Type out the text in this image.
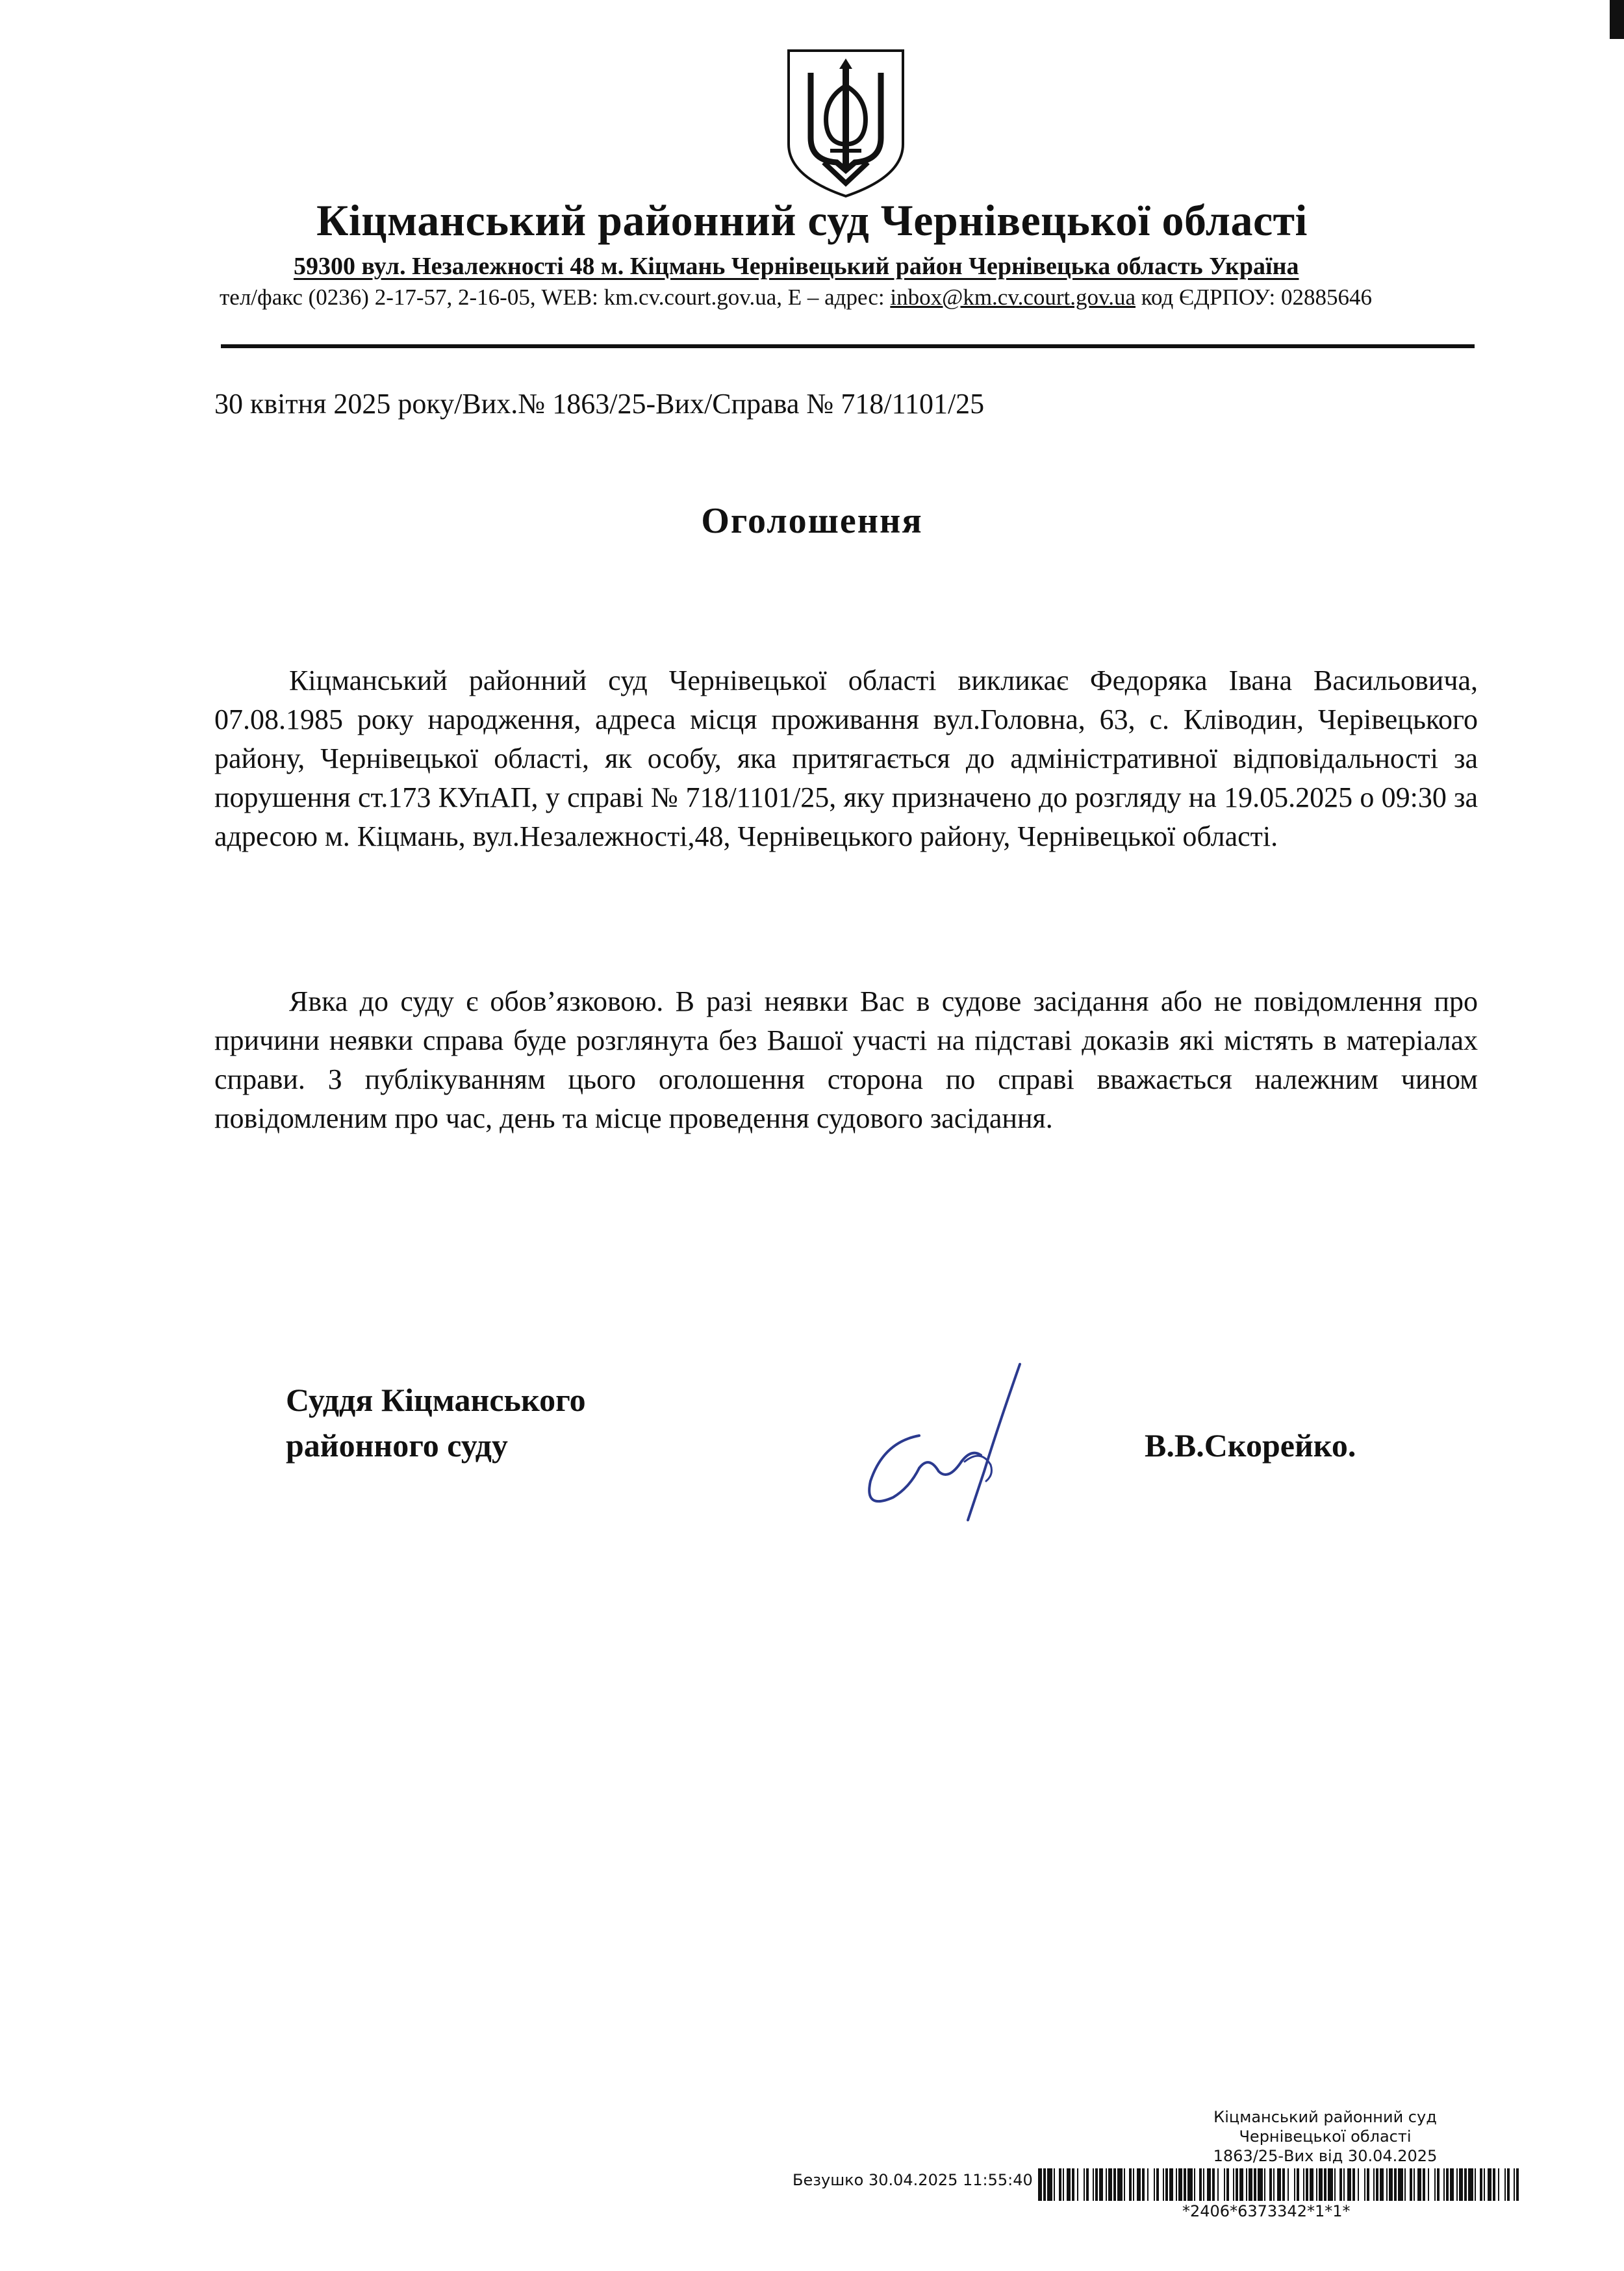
Кіцманський районний суд Чернівецької області
59300 вул. Незалежності 48 м. Кіцмань Чернівецький район Чернівецька область Україна
тел/факс (0236) 2-17-57, 2-16-05, WEB: km.cv.court.gov.ua, E – адрес: inbox@km.cv.court.gov.ua код ЄДРПОУ: 02885646
30 квітня 2025 року/Вих.№ 1863/25-Вих/Справа № 718/1101/25
Оголошення
Кіцманський районний суд Чернівецької області викликає Федоряка Івана Васильовича, 07.08.1985 року народження, адреса місця проживання вул.Головна, 63, с. Кліводин, Черівецького району, Чернівецької області, як особу, яка притягається до адміністративної відповідальності за порушення ст.173 КУпАП, у справі № 718/1101/25, яку призначено до розгляду на 19.05.2025 о 09:30 за адресою м. Кіцмань, вул.Незалежності,48, Чернівецького району, Чернівецької області.
Явка до суду є обов’язковою. В разі неявки Вас в судове засідання або не повідомлення про причини неявки справа буде розглянута без Вашої участі на підставі доказів які містять в матеріалах справи. З публікуванням цього оголошення сторона по справі вважається належним чином повідомленим про час, день та місце проведення судового засідання.
Суддя Кіцманського
районного суду	В.В.Скорейко.
Кіцманський районний суд
Чернівецької області
1863/25-Вих від 30.04.2025
Безушко 30.04.2025 11:55:40
*2406*6373342*1*1*
